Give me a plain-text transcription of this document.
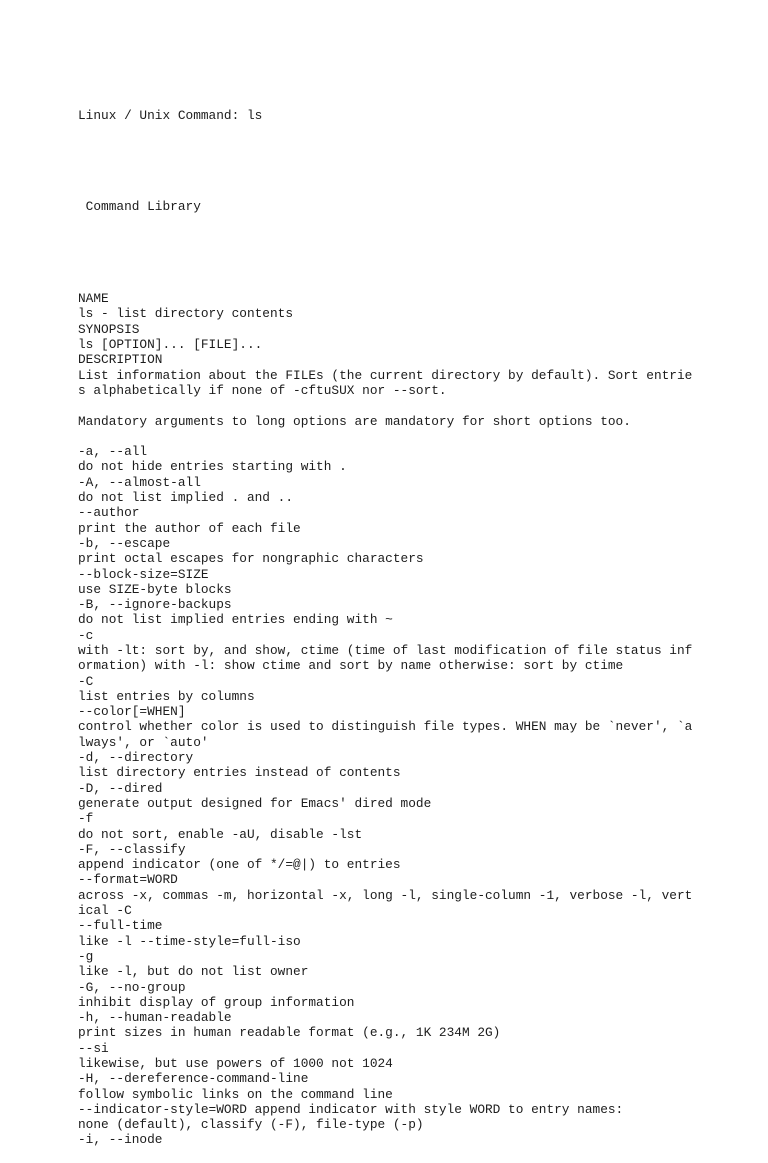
Linux / Unix Command: ls

Command Library

NAME
ls - list directory contents
SYNOPSIS
ls [OPTION]... [FILE]...
DESCRIPTION
List information about the FILEs (the current directory by default). Sort entrie
s alphabetically if none of -cftuSUX nor --sort.
Mandatory arguments to long options are mandatory for short options too.
-a, --all
do not hide entries starting with .
-A, --almost-all
do not list implied . and ..
--author
print the author of each file
-b, --escape
print octal escapes for nongraphic characters
--block-size=SIZE
use SIZE-byte blocks
-B, --ignore-backups
do not list implied entries ending with ~
-c
with -lt: sort by, and show, ctime (time of last modification of file status inf
ormation) with -l: show ctime and sort by name otherwise: sort by ctime
-C
list entries by columns
--color[=WHEN]
control whether color is used to distinguish file types. WHEN may be `never', `a
lways', or `auto'
-d, --directory
list directory entries instead of contents
-D, --dired
generate output designed for Emacs' dired mode
-f
do not sort, enable -aU, disable -lst
-F, --classify
append indicator (one of */=@|) to entries
--format=WORD
across -x, commas -m, horizontal -x, long -l, single-column -1, verbose -l, vert
ical -C
--full-time
like -l --time-style=full-iso
-g
like -l, but do not list owner
-G, --no-group
inhibit display of group information
-h, --human-readable
print sizes in human readable format (e.g., 1K 234M 2G)
--si
likewise, but use powers of 1000 not 1024
-H, --dereference-command-line
follow symbolic links on the command line
--indicator-style=WORD append indicator with style WORD to entry names:
none (default), classify (-F), file-type (-p)
-i, --inode
